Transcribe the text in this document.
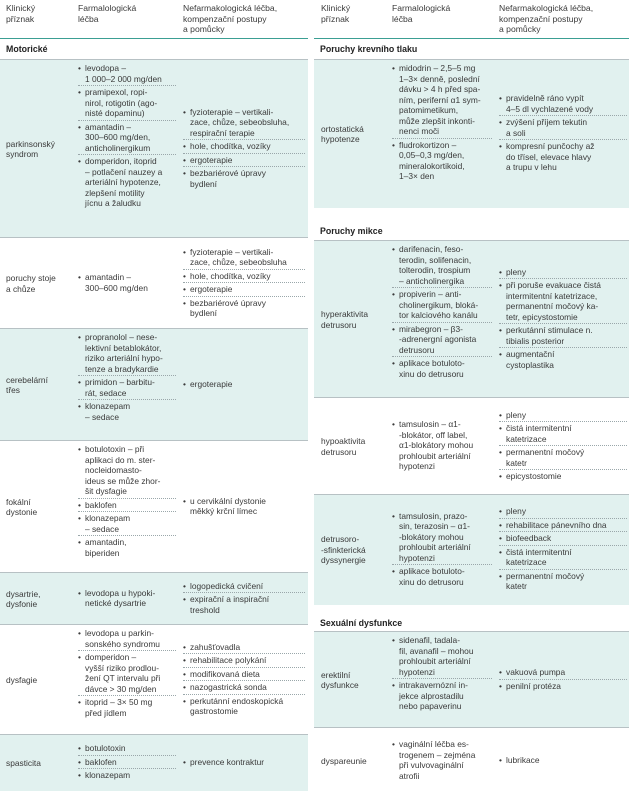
Klinický
příznak
Farmalologická
léčba
Nefarmakologická léčba,
kompenzační postupy
a pomůcky
Motorické
parkinsonský
syndrom
• levodopa –
1 000–2 000 mg/den
• pramipexol, ropi-
nirol, rotigotin (ago-
nisté dopaminu)
• amantadin –
300–600 mg/den,
anticholinergikum
• domperidon, itoprid
– potlačení nauzey a
arteriální hypotenze,
zlepšení motility
jícnu a žaludku
• fyzioterapie – vertikali-
zace, chůze, sebeobsluha,
respirační terapie
• hole, chodítka, vozíky
• ergoterapie
• bezbariérové úpravy
bydlení
poruchy stoje
a chůze
• amantadin –
300–600 mg/den
• fyzioterapie – vertikali-
zace, chůze, sebeobsluha
• hole, chodítka, vozíky
• ergoterapie
• bezbariérové úpravy
bydlení
cerebelární
třes
• propranolol – nese-
lektivní betablokátor,
riziko arteriální hypo-
tenze a bradykardie
• primidon – barbitu-
rát, sedace
• klonazepam
– sedace
• ergoterapie
fokální
dystonie
• botulotoxin – při
aplikaci do m. ster-
nocleidomasto-
ideus se může zhor-
šit dysfagie
• baklofen
• klonazepam
– sedace
• amantadin,
biperiden
• u cervikální dystonie
měkký krční límec
dysartrie,
dysfonie
• levodopa u hypoki-
netické dysartrie
• logopedická cvičení
• expirační a inspirační
treshold
dysfagie
• levodopa u parkin-
sonského syndromu
• domperidon –
vyšší riziko prodlou-
žení QT intervalu při
dávce > 30 mg/den
• itoprid – 3× 50 mg
před jídlem
• zahušťovadla
• rehabilitace polykání
• modifikovaná dieta
• nazogastrická sonda
• perkutánní endoskopická
gastrostomie
spasticita
• botulotoxin
• baklofen
• klonazepam
• prevence kontraktur
Klinický
příznak
Farmalologická
léčba
Nefarmakologická léčba,
kompenzační postupy
a pomůcky
Poruchy krevního tlaku
ortostatická
hypotenze
• midodrin – 2,5–5 mg
1–3× denně, poslední
dávku > 4 h před spa-
ním, periferní α1 sym-
patomimetikum,
může zlepšit inkonti-
nenci moči
• fludrokortizon –
0,05–0,3 mg/den,
mineralokortikoid,
1–3× den
• pravidelně ráno vypít
4–5 dl vychlazené vody
• zvýšení příjem tekutin
a soli
• kompresní punčochy až
do třísel, elevace hlavy
a trupu v lehu
Poruchy mikce
hyperaktivita
detrusoru
• darifenacin, feso-
terodin, solifenacin,
tolterodin, trospium
– anticholinergika
• propiverin – anti-
cholinergikum, bloká-
tor kalciového kanálu
• mirabegron – β3-
-adrenergní agonista
detrusoru
• aplikace botuloto-
xinu do detrusoru
• pleny
• při poruše evakuace čistá
intermitentní katetrizace,
permanentní močový ka-
tetr, epicystostomie
• perkutánní stimulace n.
tibialis posterior
• augmentační
cystoplastika
hypoaktivita
detrusoru
• tamsulosin – α1-
-blokátor, off label,
α1-blokátory mohou
prohloubit arteriální
hypotenzi
• pleny
• čistá intermitentní
katetrizace
• permanentní močový
katetr
• epicystostomie
detrusoro-
-sfinkterická
dyssynergie
• tamsulosin, prazo-
sin, terazosin – α1-
-blokátory mohou
prohloubit arteriální
hypotenzi
• aplikace botuloto-
xinu do detrusoru
• pleny
• rehabilitace pánevního dna
• biofeedback
• čistá intermitentní
katetrizace
• permanentní močový
katetr
Sexuální dysfunkce
erektilní
dysfunkce
• sidenafil, tadala-
fil, avanafil – mohou
prohloubit arteriální
hypotenzi
• intrakavernózní in-
jekce alprostadilu
nebo papaverinu
• vakuová pumpa
• penilní protéza
dyspareunie
• vaginální léčba es-
trogenem – zejména
při vulvovaginální
atrofii
• lubrikace
